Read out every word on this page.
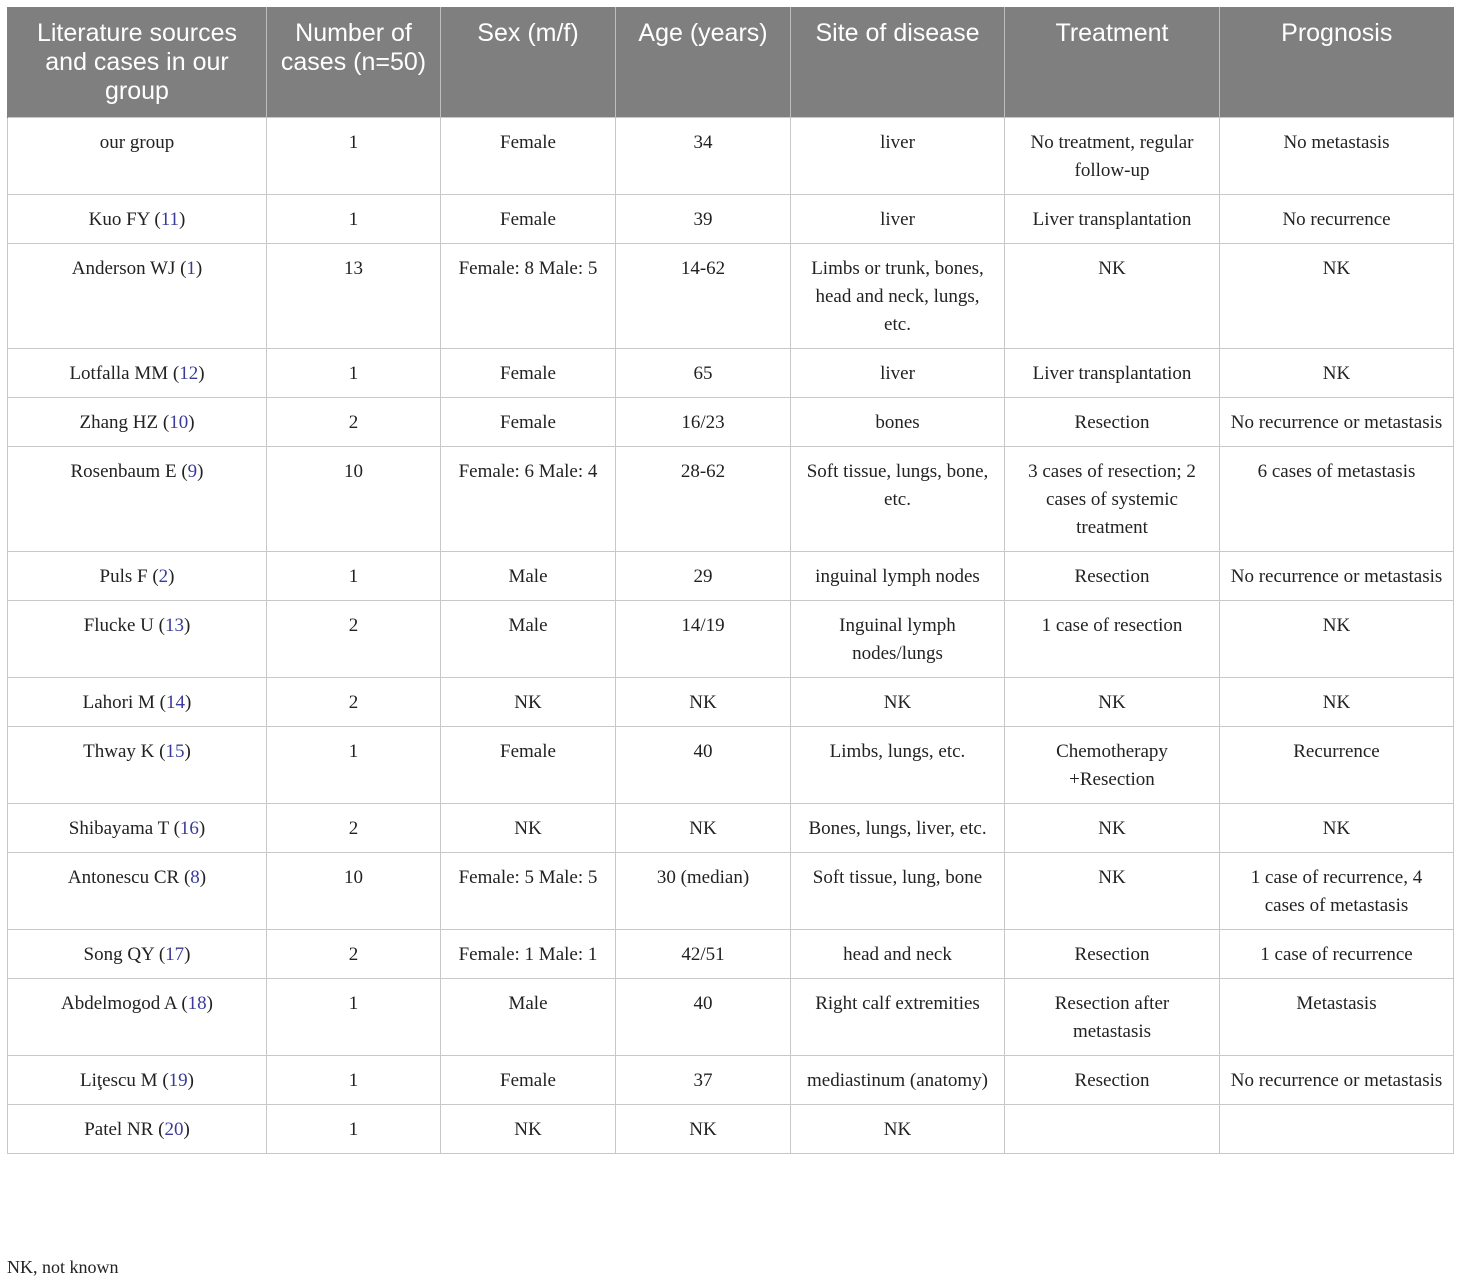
Literature sources and cases in our group	Number of cases (n=50)	Sex (m/f)	Age (years)	Site of disease	Treatment	Prognosis
our group	1	Female	34	liver	No treatment, regular follow-up	No metastasis
Kuo FY (11)	1	Female	39	liver	Liver transplantation	No recurrence
Anderson WJ (1)	13	Female: 8 Male: 5	14-62	Limbs or trunk, bones, head and neck, lungs, etc.	NK	NK
Lotfalla MM (12)	1	Female	65	liver	Liver transplantation	NK
Zhang HZ (10)	2	Female	16/23	bones	Resection	No recurrence or metastasis
Rosenbaum E (9)	10	Female: 6 Male: 4	28-62	Soft tissue, lungs, bone, etc.	3 cases of resection; 2 cases of systemic treatment	6 cases of metastasis
Puls F (2)	1	Male	29	inguinal lymph nodes	Resection	No recurrence or metastasis
Flucke U (13)	2	Male	14/19	Inguinal lymph nodes/lungs	1 case of resection	NK
Lahori M (14)	2	NK	NK	NK	NK	NK
Thway K (15)	1	Female	40	Limbs, lungs, etc.	Chemotherapy +Resection	Recurrence
Shibayama T (16)	2	NK	NK	Bones, lungs, liver, etc.	NK	NK
Antonescu CR (8)	10	Female: 5 Male: 5	30 (median)	Soft tissue, lung, bone	NK	1 case of recurrence, 4 cases of metastasis
Song QY (17)	2	Female: 1 Male: 1	42/51	head and neck	Resection	1 case of recurrence
Abdelmogod A (18)	1	Male	40	Right calf extremities	Resection after metastasis	Metastasis
Liţescu M (19)	1	Female	37	mediastinum (anatomy)	Resection	No recurrence or metastasis
Patel NR (20)	1	NK	NK	NK		
NK, not known
